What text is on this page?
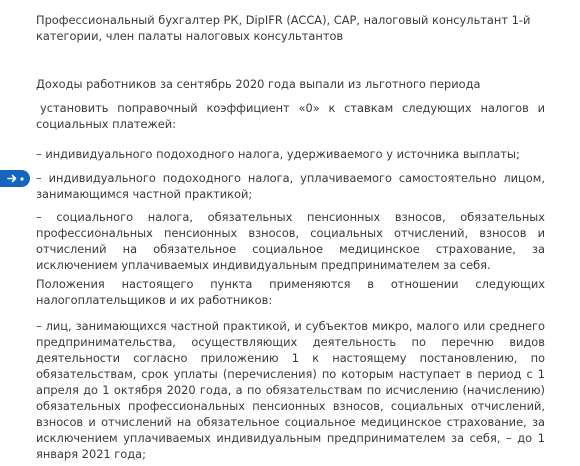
Профессиональный бухгалтер РК, DipIFR (ACCA), CAP, налоговый консультант 1-й категории, член палаты налоговых консультантов

Доходы работников за сентябрь 2020 года выпали из льготного периода

установить поправочный коэффициент «0» к ставкам следующих налогов и социальных платежей:

– индивидуального подоходного налога, удерживаемого у источника выплаты;

– индивидуального подоходного налога, уплачиваемого самостоятельно лицом, занимающимся частной практикой;

– социального налога, обязательных пенсионных взносов, обязательных профессиональных пенсионных взносов, социальных отчислений, взносов и отчислений на обязательное социальное медицинское страхование, за исключением уплачиваемых индивидуальным предпринимателем за себя.

Положения настоящего пункта применяются в отношении следующих налогоплательщиков и их работников:

– лиц, занимающихся частной практикой, и субъектов микро, малого или среднего предпринимательства, осуществляющих деятельность по перечню видов деятельности согласно приложению 1 к настоящему постановлению, по обязательствам, срок уплаты (перечисления) по которым наступает в период с 1 апреля до 1 октября 2020 года, а по обязательствам по исчислению (начислению) обязательных профессиональных пенсионных взносов, социальных отчислений, взносов и отчислений на обязательное социальное медицинское страхование, за исключением уплачиваемых индивидуальным предпринимателем за себя, – до 1 января 2021 года;
